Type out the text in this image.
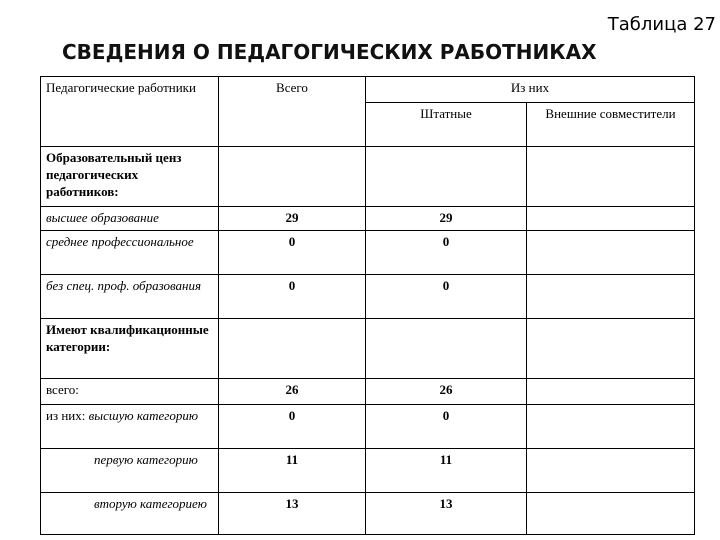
Таблица 27
СВЕДЕНИЯ О ПЕДАГОГИЧЕСКИХ РАБОТНИКАХ
Педагогические работники	Всего	Из них	
		Штатные	Внешние совместители
Образовательный ценз педагогических работников:			
высшее образование	29	29	
среднее профессиональное	0	0	
без спец. проф. образования	0	0	
Имеют квалификационные категории:			
всего:	26	26	
из них: высшую категорию	0	0	
первую категорию	11	11	
вторую категориею	13	13	
